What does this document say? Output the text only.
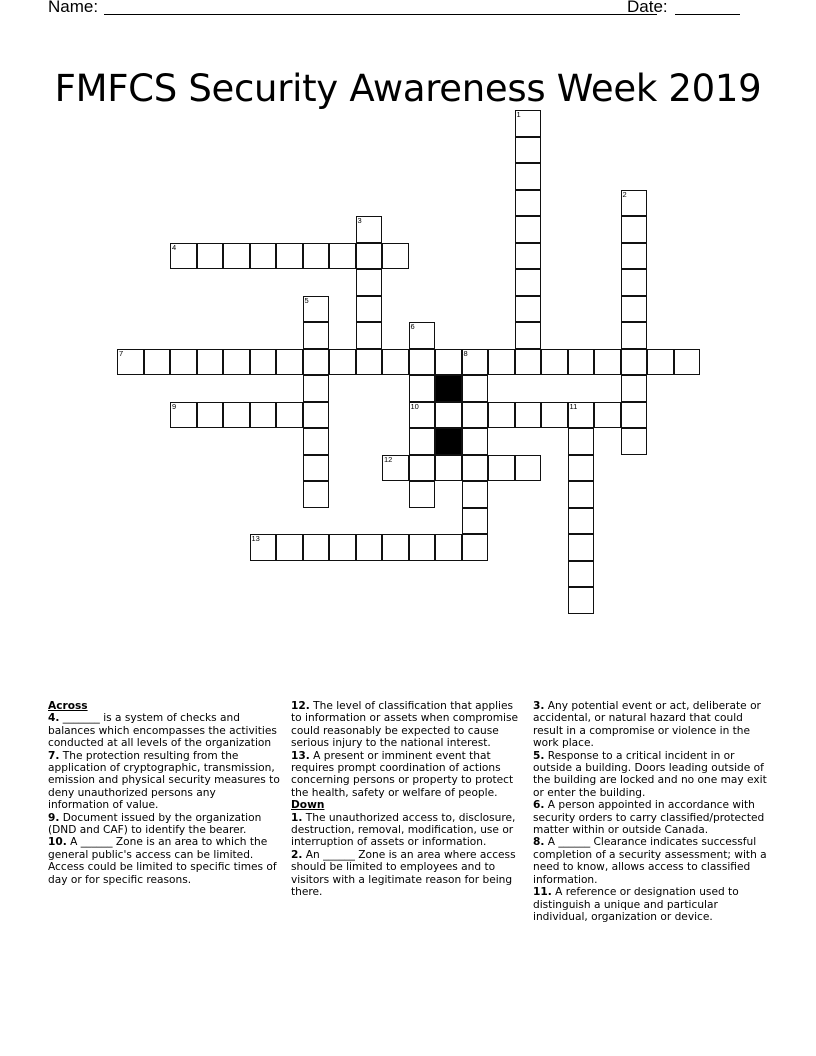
Name:	Date:
FMFCS Security Awareness Week 2019
1
2
3
4
5
6
10
7	8
9	11
12
13
Across

4. _______ is a system of checks and balances which encompasses the activities conducted at all levels of the organization

7. The protection resulting from the application of cryptographic, transmission, emission and physical security measures to deny unauthorized persons any information of value.

9. Document issued by the organization (DND and CAF) to identify the bearer.

10. A ______ Zone is an area to which the general public's access can be limited. Access could be limited to specific times of day or for specific reasons.

12. The level of classification that applies to information or assets when compromise could reasonably be expected to cause serious injury to the national interest.

13. A present or imminent event that requires prompt coordination of actions concerning persons or property to protect the health, safety or welfare of people.

Down

1. The unauthorized access to, disclosure, destruction, removal, modification, use or interruption of assets or information.

2. An ______ Zone is an area where access should be limited to employees and to visitors with a legitimate reason for being there.

3. Any potential event or act, deliberate or accidental, or natural hazard that could result in a compromise or violence in the work place.

5. Response to a critical incident in or outside a building. Doors leading outside of the building are locked and no one may exit or enter the building.

6. A person appointed in accordance with security orders to carry classified/protected matter within or outside Canada.

8. A ______ Clearance indicates successful completion of a security assessment; with a need to know, allows access to classified information.

11. A reference or designation used to distinguish a unique and particular individual, organization or device.
